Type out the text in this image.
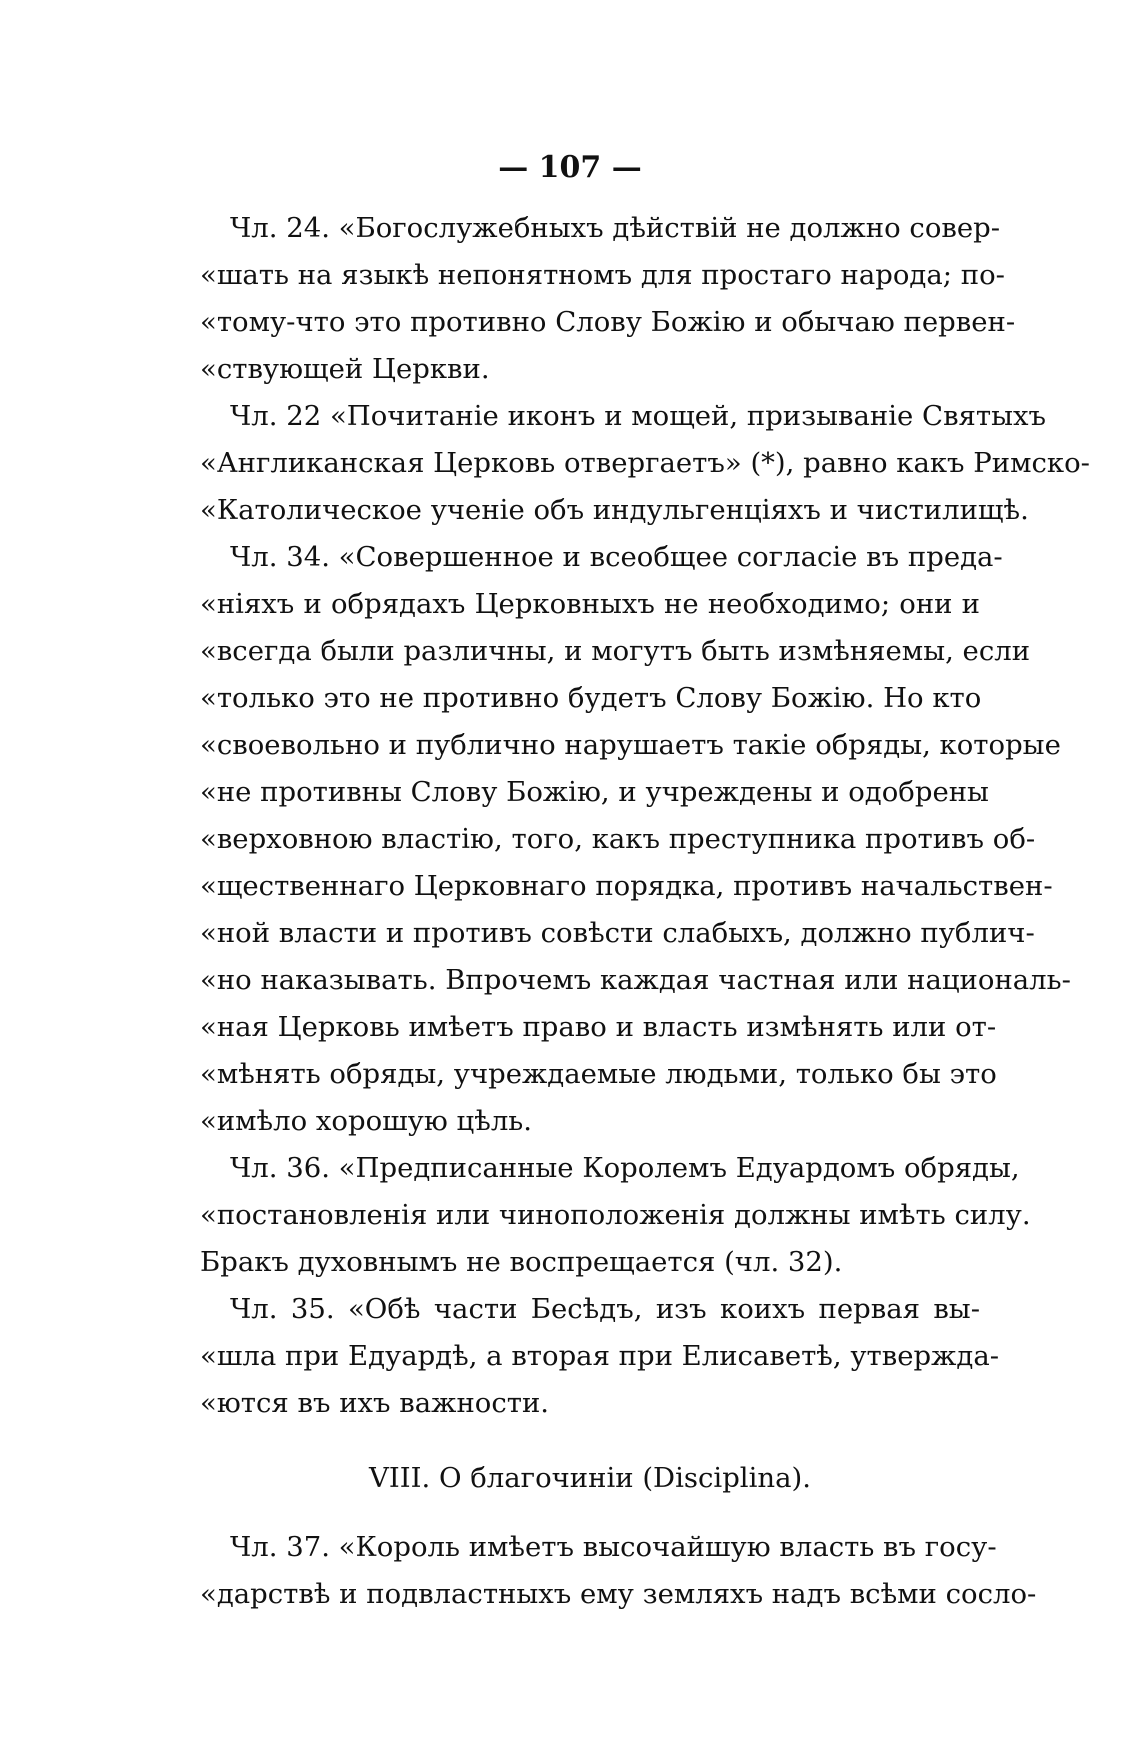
— 107 —
Чл. 24. «Богослужебныхъ дѣйствій не должно совер-
«шать на языкѣ непонятномъ для простаго народа; по-
«тому-что это противно Слову Божію и обычаю первен-
«ствующей Церкви.
Чл. 22 «Почитаніе иконъ и мощей, призываніе Святыхъ
«Англиканская Церковь отвергаетъ» (*), равно какъ Римско-
«Католическое ученіе объ индульгенціяхъ и чистилищѣ.
Чл. 34. «Совершенное и всеобщее согласіе въ преда-
«ніяхъ и обрядахъ Церковныхъ не необходимо; они и
«всегда были различны, и могутъ быть измѣняемы, если
«только это не противно будетъ Слову Божію. Но кто
«своевольно и публично нарушаетъ такіе обряды, которые
«не противны Слову Божію, и учреждены и одобрены
«верховною властію, того, какъ преступника противъ об-
«щественнаго Церковнаго порядка, противъ начальствен-
«ной власти и противъ совѣсти слабыхъ, должно публич-
«но наказывать. Впрочемъ каждая частная или националь-
«ная Церковь имѣетъ право и власть измѣнять или от-
«мѣнять обряды, учреждаемые людьми, только бы это
«имѣло хорошую цѣль.
Чл. 36. «Предписанные Королемъ Едуардомъ обряды,
«постановленія или чиноположенія должны имѣть силу.
Бракъ духовнымъ не воспрещается (чл. 32).
Чл. 35. «Обѣ части Бесѣдъ, изъ коихъ первая вы-
«шла при Едуардѣ, а вторая при Елисаветѣ, утвержда-
«ются въ ихъ важности.
VIII. О благочиніи (Disciplina).
Чл. 37. «Король имѣетъ высочайшую власть въ госу-
«дарствѣ и подвластныхъ ему земляхъ надъ всѣми сосло-
